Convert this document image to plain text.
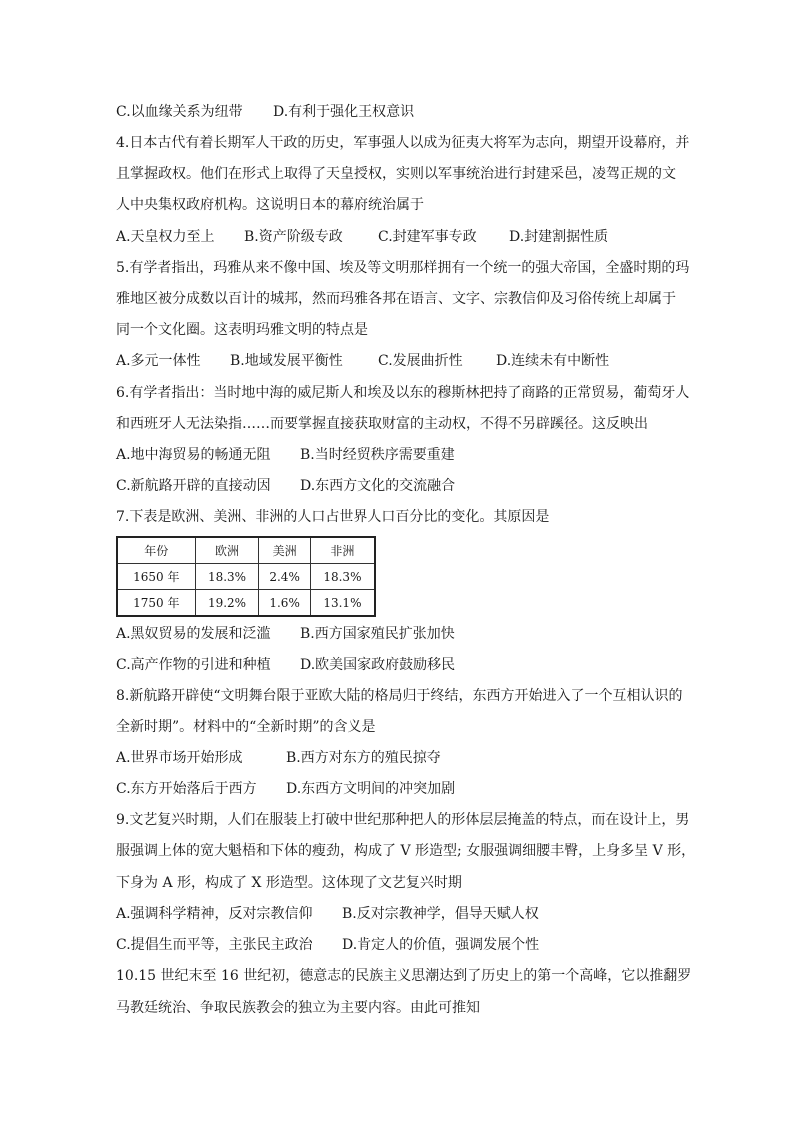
C.以血缘关系为纽带 D.有利于强化王权意识
4.日本古代有着长期军人干政的历史，军事强人以成为征夷大将军为志向，期望开设幕府，并
且掌握政权。他们在形式上取得了天皇授权，实则以军事统治进行封建采邑，凌驾正规的文
人中央集权政府机构。这说明日本的幕府统治属于
A.天皇权力至上 B.资产阶级专政	C.封建军事专政 D.封建割据性质
5.有学者指出，玛雅从来不像中国、埃及等文明那样拥有一个统一的强大帝国，全盛时期的玛
雅地区被分成数以百计的城邦，然而玛雅各邦在语言、文字、宗教信仰及习俗传统上却属于
同一个文化圈。这表明玛雅文明的特点是
A.多元一体性 B.地域发展平衡性	C.发展曲折性 D.连续未有中断性
6.有学者指出：当时地中海的威尼斯人和埃及以东的穆斯林把持了商路的正常贸易，葡萄牙人
和西班牙人无法染指……而要掌握直接获取财富的主动权，不得不另辟蹊径。这反映出
A.地中海贸易的畅通无阻 B.当时经贸秩序需要重建
C.新航路开辟的直接动因 D.东西方文化的交流融合
7.下表是欧洲、美洲、非洲的人口占世界人口百分比的变化。其原因是
年份	欧洲	美洲	非洲
1650 年	18.3%	2.4%	18.3%
1750 年	19.2%	1.6%	13.1%
A.黑奴贸易的发展和泛滥 B.西方国家殖民扩张加快
C.高产作物的引进和种植 D.欧美国家政府鼓励移民
8.新航路开辟使“文明舞台限于亚欧大陆的格局归于终结，东西方开始进入了一个互相认识的
全新时期”。材料中的“全新时期”的含义是
A.世界市场开始形成	B.西方对东方的殖民掠夺
C.东方开始落后于西方 D.东西方文明间的冲突加剧
9.文艺复兴时期，人们在服装上打破中世纪那种把人的形体层层掩盖的特点，而在设计上，男
服强调上体的宽大魁梧和下体的瘦劲，构成了 V 形造型; 女服强调细腰丰臀，上身多呈 V 形，
下身为 A 形，构成了 X 形造型。这体现了文艺复兴时期
A.强调科学精神，反对宗教信仰 B.反对宗教神学，倡导天赋人权
C.提倡生而平等，主张民主政治 D.肯定人的价值，强调发展个性
10.15 世纪末至 16 世纪初，德意志的民族主义思潮达到了历史上的第一个高峰，它以推翻罗
马教廷统治、争取民族教会的独立为主要内容。由此可推知
